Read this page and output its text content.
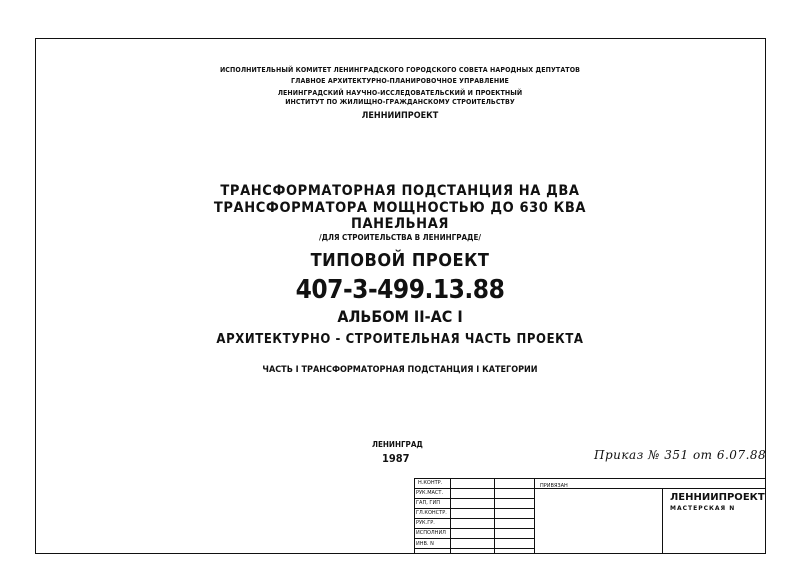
ИСПОЛНИТЕЛЬНЫЙ КОМИТЕТ ЛЕНИНГРАДСКОГО ГОРОДСКОГО СОВЕТА НАРОДНЫХ ДЕПУТАТОВ
ГЛАВНОЕ АРХИТЕКТУРНО-ПЛАНИРОВОЧНОЕ УПРАВЛЕНИЕ
ЛЕНИНГРАДСКИЙ НАУЧНО-ИССЛЕДОВАТЕЛЬСКИЙ И ПРОЕКТНЫЙ
ИНСТИТУТ ПО ЖИЛИЩНО-ГРАЖДАНСКОМУ СТРОИТЕЛЬСТВУ
ЛЕННИИПРОЕКТ
ТРАНСФОРМАТОРНАЯ ПОДСТАНЦИЯ НА ДВА
ТРАНСФОРМАТОРА МОЩНОСТЬЮ ДО 630 КВА
ПАНЕЛЬНАЯ
/ДЛЯ СТРОИТЕЛЬСТВА В ЛЕНИНГРАДЕ/
ТИПОВОЙ ПРОЕКТ
407-3-499.13.88
АЛЬБОМ II-АС I
АРХИТЕКТУРНО - СТРОИТЕЛЬНАЯ ЧАСТЬ ПРОЕКТА
ЧАСТЬ I ТРАНСФОРМАТОРНАЯ ПОДСТАНЦИЯ I КАТЕГОРИИ
ЛЕНИНГРАД
1987	Приказ № 351 от 6.07.88
Н.КОНТР.
РУК.МАСТ.
ГАП, ГИП
ГЛ.КОНСТР.
РУК.ГР.
ИСПОЛНИЛ
ИНВ. N
ПРИВЯЗАН
ЛЕННИИПРОЕКТ
МАСТЕРСКАЯ N
